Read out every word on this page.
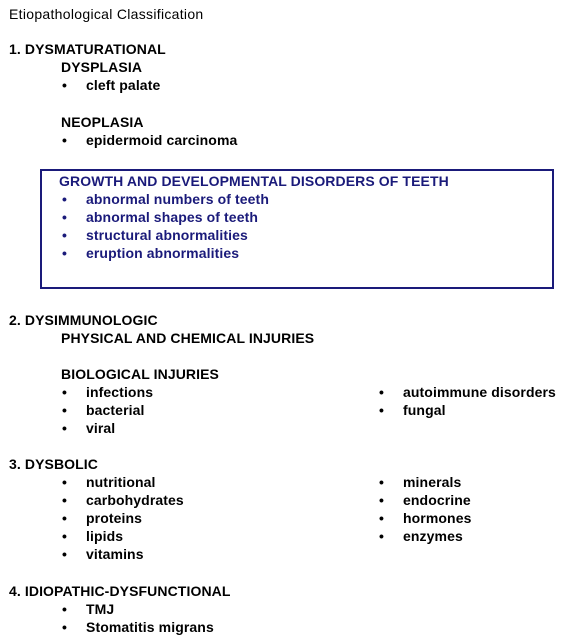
Etiopathological Classification
1. DYSMATURATIONAL
DYSPLASIA
• cleft palate
NEOPLASIA
• epidermoid carcinoma
GROWTH AND DEVELOPMENTAL DISORDERS OF TEETH
• abnormal numbers of teeth
• abnormal shapes of teeth
• structural abnormalities
• eruption abnormalities
2. DYSIMMUNOLOGIC
PHYSICAL AND CHEMICAL INJURIES
BIOLOGICAL INJURIES
• infections
• bacterial
• viral
• autoimmune disorders
• fungal
3. DYSBOLIC
• nutritional
• carbohydrates
• proteins
• lipids
• vitamins
• minerals
• endocrine
• hormones
• enzymes
4. IDIOPATHIC-DYSFUNCTIONAL
• TMJ
• Stomatitis migrans
